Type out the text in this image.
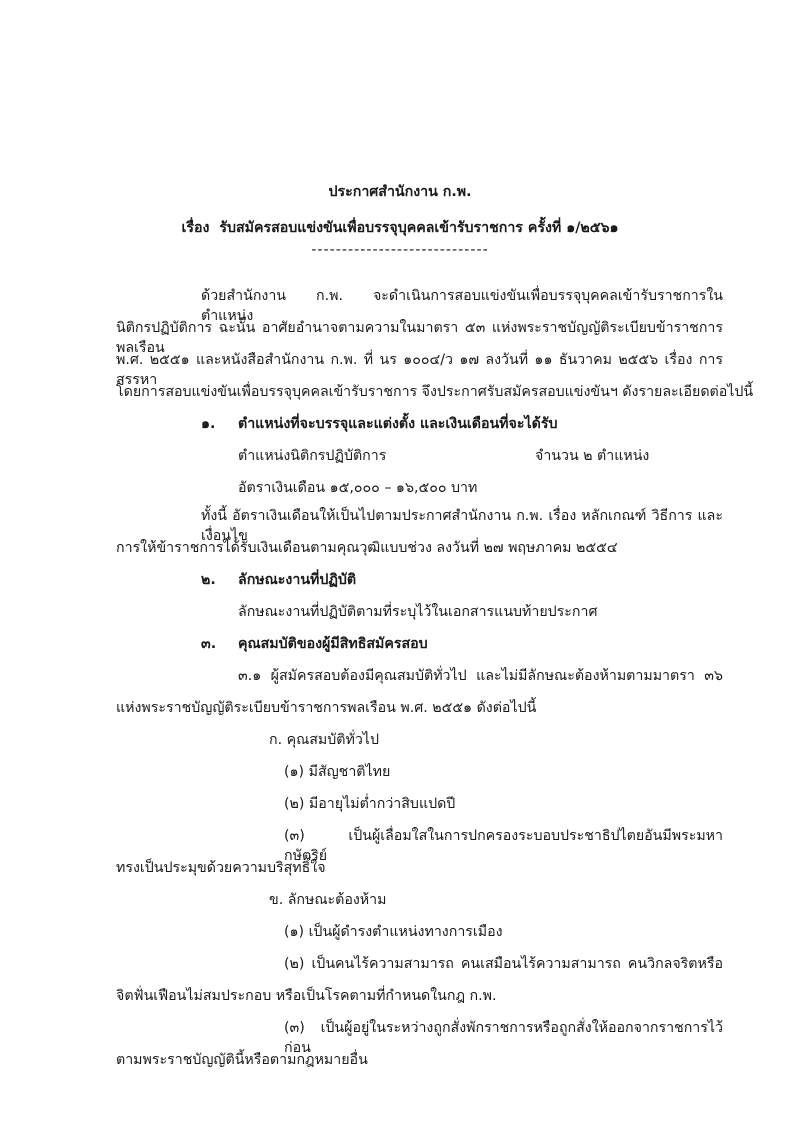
ประกาศสำนักงาน ก.พ.
เรื่อง รับสมัครสอบแข่งขันเพื่อบรรจุบุคคลเข้ารับราชการ ครั้งที่ ๑/๒๕๖๑
-----------------------------
ด้วยสำนักงาน ก.พ. จะดำเนินการสอบแข่งขันเพื่อบรรจุบุคคลเข้ารับราชการในตำแหน่ง
นิติกรปฏิบัติการ ฉะนั้น อาศัยอำนาจตามความในมาตรา ๕๓ แห่งพระราชบัญญัติระเบียบข้าราชการพลเรือน
พ.ศ. ๒๕๕๑ และหนังสือสำนักงาน ก.พ. ที่ นร ๑๐๐๔/ว ๑๗ ลงวันที่ ๑๑ ธันวาคม ๒๕๕๖ เรื่อง การสรรหา
โดยการสอบแข่งขันเพื่อบรรจุบุคคลเข้ารับราชการ จึงประกาศรับสมัครสอบแข่งขันฯ ดังรายละเอียดต่อไปนี้
๑. ตำแหน่งที่จะบรรจุและแต่งตั้ง และเงินเดือนที่จะได้รับ
ตำแหน่งนิติกรปฏิบัติการ	จำนวน ๒ ตำแหน่ง
อัตราเงินเดือน ๑๕,๐๐๐ – ๑๖,๕๐๐ บาท
ทั้งนี้ อัตราเงินเดือนให้เป็นไปตามประกาศสำนักงาน ก.พ. เรื่อง หลักเกณฑ์ วิธีการ และเงื่อนไข
การให้ข้าราชการได้รับเงินเดือนตามคุณวุฒิแบบช่วง ลงวันที่ ๒๗ พฤษภาคม ๒๕๕๔
๒. ลักษณะงานที่ปฏิบัติ
ลักษณะงานที่ปฏิบัติตามที่ระบุไว้ในเอกสารแนบท้ายประกาศ
๓. คุณสมบัติของผู้มีสิทธิสมัครสอบ
๓.๑ ผู้สมัครสอบต้องมีคุณสมบัติทั่วไป และไม่มีลักษณะต้องห้ามตามมาตรา ๓๖
แห่งพระราชบัญญัติระเบียบข้าราชการพลเรือน พ.ศ. ๒๕๕๑ ดังต่อไปนี้
ก. คุณสมบัติทั่วไป
(๑) มีสัญชาติไทย
(๒) มีอายุไม่ต่ำกว่าสิบแปดปี
(๓) เป็นผู้เลื่อมใสในการปกครองระบอบประชาธิปไตยอันมีพระมหากษัตริย์
ทรงเป็นประมุขด้วยความบริสุทธิ์ใจ
ข. ลักษณะต้องห้าม
(๑) เป็นผู้ดำรงตำแหน่งทางการเมือง
(๒) เป็นคนไร้ความสามารถ คนเสมือนไร้ความสามารถ คนวิกลจริตหรือ
จิตฟั่นเฟือนไม่สมประกอบ หรือเป็นโรคตามที่กำหนดในกฎ ก.พ.
(๓) เป็นผู้อยู่ในระหว่างถูกสั่งพักราชการหรือถูกสั่งให้ออกจากราชการไว้ก่อน
ตามพระราชบัญญัตินี้หรือตามกฎหมายอื่น
